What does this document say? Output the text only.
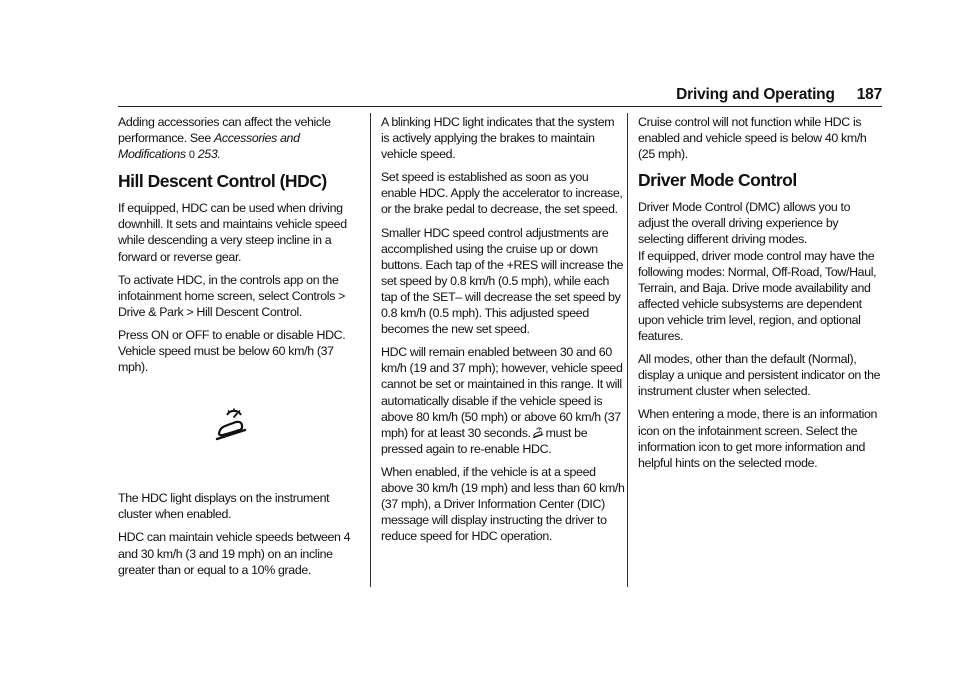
Driving and Operating 187

Adding accessories can affect the vehicle performance. See Accessories and Modifications 0 253.

Hill Descent Control (HDC)

If equipped, HDC can be used when driving downhill. It sets and maintains vehicle speed while descending a very steep incline in a forward or reverse gear.

To activate HDC, in the controls app on the infotainment home screen, select Controls > Drive & Park > Hill Descent Control.

Press ON or OFF to enable or disable HDC. Vehicle speed must be below 60 km/h (37 mph).

The HDC light displays on the instrument cluster when enabled.

HDC can maintain vehicle speeds between 4 and 30 km/h (3 and 19 mph) on an incline greater than or equal to a 10% grade.

A blinking HDC light indicates that the system is actively applying the brakes to maintain vehicle speed.

Set speed is established as soon as you enable HDC. Apply the accelerator to increase, or the brake pedal to decrease, the set speed.

Smaller HDC speed control adjustments are accomplished using the cruise up or down buttons. Each tap of the +RES will increase the set speed by 0.8 km/h (0.5 mph), while each tap of the SET– will decrease the set speed by 0.8 km/h (0.5 mph). This adjusted speed becomes the new set speed.

HDC will remain enabled between 30 and 60 km/h (19 and 37 mph); however, vehicle speed cannot be set or maintained in this range. It will automatically disable if the vehicle speed is above 80 km/h (50 mph) or above 60 km/h (37 mph) for at least 30 seconds. must be pressed again to re-enable HDC.

When enabled, if the vehicle is at a speed above 30 km/h (19 mph) and less than 60 km/h (37 mph), a Driver Information Center (DIC) message will display instructing the driver to reduce speed for HDC operation.

Cruise control will not function while HDC is enabled and vehicle speed is below 40 km/h (25 mph).

Driver Mode Control

Driver Mode Control (DMC) allows you to adjust the overall driving experience by selecting different driving modes.

If equipped, driver mode control may have the following modes: Normal, Off-Road, Tow/Haul, Terrain, and Baja. Drive mode availability and affected vehicle subsystems are dependent upon vehicle trim level, region, and optional features.

All modes, other than the default (Normal), display a unique and persistent indicator on the instrument cluster when selected.

When entering a mode, there is an information icon on the infotainment screen. Select the information icon to get more information and helpful hints on the selected mode.
